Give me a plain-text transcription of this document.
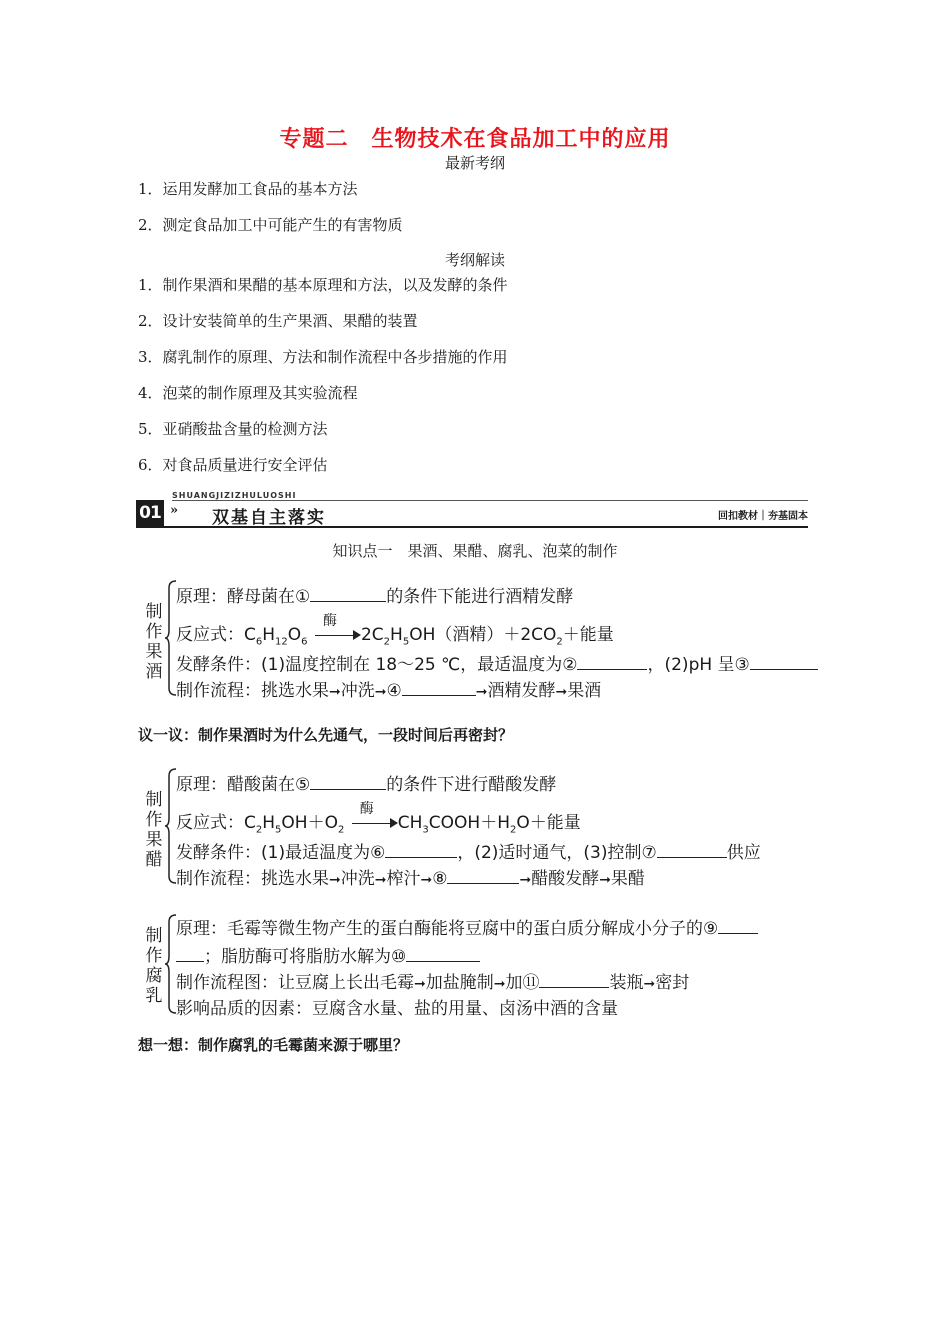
专题二　生物技术在食品加工中的应用
最新考纲
1．运用发酵加工食品的基本方法
2．测定食品加工中可能产生的有害物质
考纲解读
1．制作果酒和果醋的基本原理和方法，以及发酵的条件
2．设计安装简单的生产果酒、果醋的装置
3．腐乳制作的原理、方法和制作流程中各步措施的作用
4．泡菜的制作原理及其实验流程
5．亚硝酸盐含量的检测方法
6．对食品质量进行安全评估
SHUANGJIZIZHULUOSHI
01 » 双基自主落实	回扣教材｜夯基固本
知识点一　果酒、果醋、腐乳、泡菜的制作
制作果酒
原理：酵母菌在①	的条件下能进行酒精发酵
反应式：$C_6H_{12}O_6$
酶
$2C_2H_5OH$（酒精）$+2CO_2+$能量
发酵条件：(1)温度控制在 18～25 ℃，最适温度为②	，(2)pH 呈③
制作流程：挑选水果➞冲洗➞④	➞酒精发酵➞果酒
议一议：制作果酒时为什么先通气，一段时间后再密封？
制作果醋
原理：醋酸菌在⑤	的条件下进行醋酸发酵
反应式：$C_2H_5OH+O_2$
酶
$CH_3COOH+H_2O+$能量
发酵条件：(1)最适温度为⑥	，(2)适时通气，(3)控制⑦	供应
制作流程：挑选水果➞冲洗➞榨汁➞⑧	➞醋酸发酵➞果醋
制作腐乳
原理：毛霉等微生物产生的蛋白酶能将豆腐中的蛋白质分解成小分子的⑨
；脂肪酶可将脂肪水解为⑩
制作流程图：让豆腐上长出毛霉➞加盐腌制➞加⑪	装瓶➞密封
影响品质的因素：豆腐含水量、盐的用量、卤汤中酒的含量
想一想：制作腐乳的毛霉菌来源于哪里？
